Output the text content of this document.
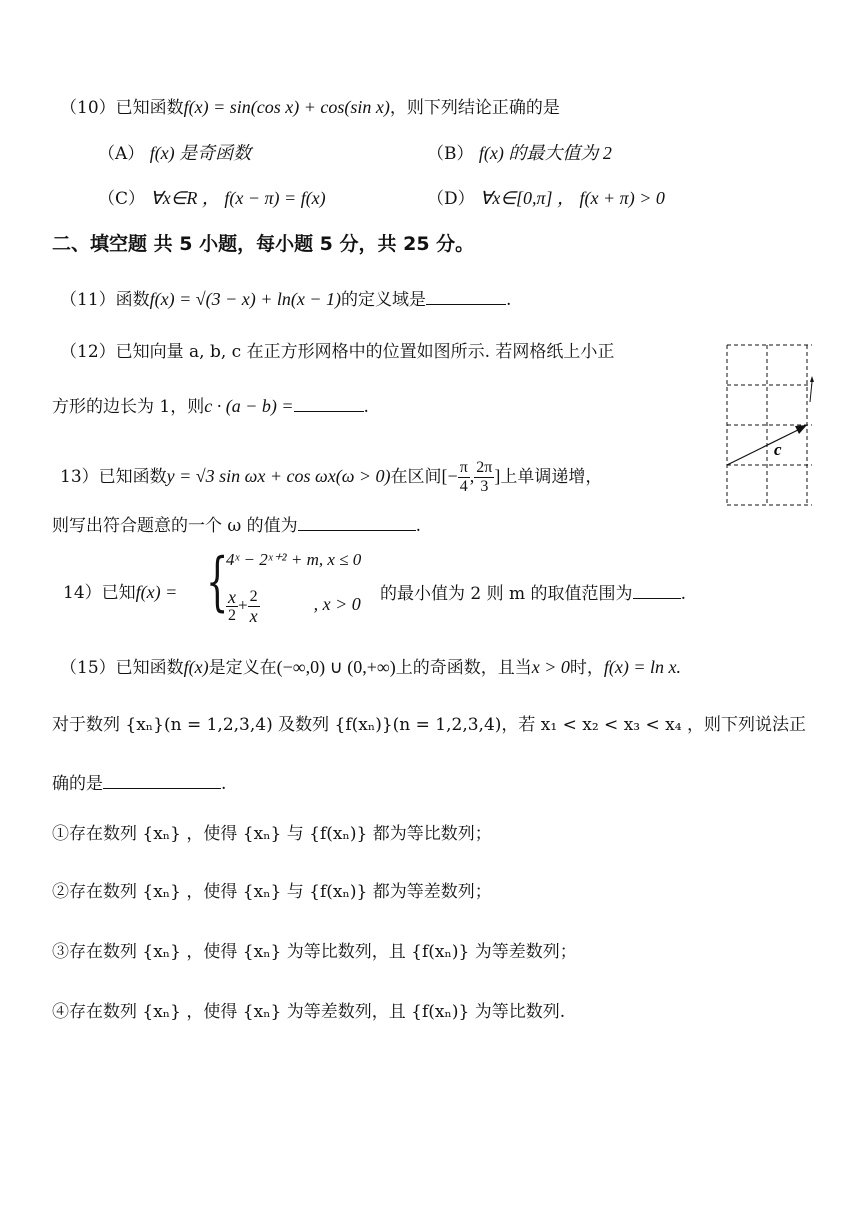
（10）已知函数f(x) = sin(cos x) + cos(sin x)，则下列结论正确的是
（A） f(x) 是奇函数	（B） f(x) 的最大值为 2
（C） ∀x∈R ， f(x − π) = f(x)	（D） ∀x∈[0,π] ， f(x + π) > 0
二、填空题 共 5 小题，每小题 5 分，共 25 分。
（11）函数f(x) = √(3 − x) + ln(x − 1)的定义域是	.
（12）已知向量 a, b, c 在正方形网格中的位置如图所示. 若网格纸上小正
方形的边长为 1，则c · (a − b) =	.
c
13）已知函数y = √3 sin ωx + cos ωx(ω > 0)在区间[− $\frac{\pi}{4}$ , $\frac{2\pi}{3}$ ]上单调递增，
则写出符合题意的一个 ω 的值为	.
14）已知f(x) = {
4ˣ − 2ˣ⁺² + m, x ≤ 0
$\frac{x}{2} + \frac{2}{x}$	, x > 0
的最小值为 2 则 m 的取值范围为	.
（15）已知函数f(x)是定义在(−∞,0) ∪ (0,+∞)上的奇函数，且当x > 0时，f(x) = ln x.
对于数列 {xₙ}(n = 1,2,3,4) 及数列 {f(xₙ)}(n = 1,2,3,4)，若 x₁ < x₂ < x₃ < x₄ ，则下列说法正
确的是	.
①存在数列 {xₙ} ，使得 {xₙ} 与 {f(xₙ)} 都为等比数列；
②存在数列 {xₙ} ，使得 {xₙ} 与 {f(xₙ)} 都为等差数列；
③存在数列 {xₙ} ，使得 {xₙ} 为等比数列，且 {f(xₙ)} 为等差数列；
④存在数列 {xₙ} ，使得 {xₙ} 为等差数列，且 {f(xₙ)} 为等比数列.
